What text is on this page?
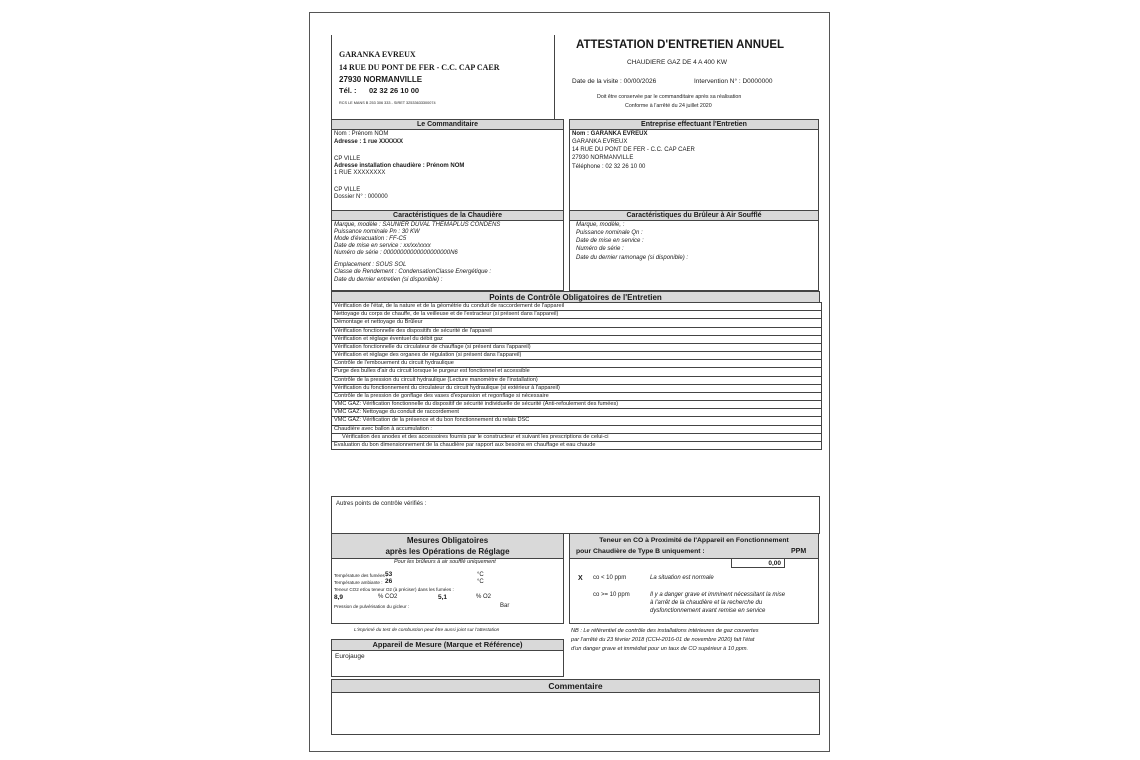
GARANKA EVREUX
14 RUE DU PONT DE FER - C.C. CAP CAER
27930 NORMANVILLE
Tél. : 02 32 26 10 00
RCS LE MANS B 253 306 333 - SIRET 32533633300074
ATTESTATION D'ENTRETIEN ANNUEL
CHAUDIERE GAZ DE 4 A 400 KW
Date de la visite : 00/00/2026	Intervention N° : D0000000
Doit être conservée par le commanditaire après sa réalisation
Conforme à l'arrêté du 24 juillet 2020
Le Commanditaire
Nom : Prénom NOM
Adresse : 1 rue XXXXXX
CP VILLE
Adresse installation chaudière : Prénom NOM
1 RUE XXXXXXXX
CP VILLE
Dossier N° : 000000
Entreprise effectuant l'Entretien
Nom : GARANKA EVREUX
GARANKA EVREUX
14 RUE DU PONT DE FER - C.C. CAP CAER
27930 NORMANVILLE
Téléphone : 02 32 26 10 00
Caractéristiques de la Chaudière
Marque, modèle : SAUNIER DUVAL THEMAPLUS CONDENS
Puissance nominale Pn : 30 KW
Mode d'évacuation : FF-C5
Date de mise en service : xx/xx/xxxx
Numéro de série : 00000000000000000000N6
Emplacement : SOUS SOL
Classe de Rendement : CondensationClasse Energétique :
Date du dernier entretien (si disponible) :
Caractéristiques du Brûleur à Air Soufflé
Marque, modèle, :
Puissance nominale Qn :
Date de mise en service :
Numéro de série :
Date du dernier ramonage (si disponible) :
Points de Contrôle Obligatoires de l'Entretien
Vérification de l'état, de la nature et de la géométrie du conduit de raccordement de l'appareil
Nettoyage du corps de chauffe, de la veilleuse et de l'extracteur (si présent dans l'appareil)
Démontage et nettoyage du Brûleur
Vérification fonctionnelle des dispositifs de sécurité de l'appareil
Vérification et réglage éventuel du débit gaz
Vérification fonctionnelle du circulateur de chauffage (si présent dans l'appareil)
Vérification et réglage des organes de régulation (si présent dans l'appareil)
Contrôle de l'embouement du circuit hydraulique
Purge des bulles d'air du circuit lorsque le purgeur est fonctionnel et accessible
Contrôle de la pression du circuit hydraulique (Lecture manomètre de l'installation)
Vérification du fonctionnement du circulateur du circuit hydraulique (si extérieur à l'appareil)
Contrôle de la pression de gonflage des vases d'expansion et regonflage si nécessaire
VMC GAZ: Vérification fonctionnelle du dispositif de sécurité individuelle de sécurité (Anti-refoulement des fumées)
VMC GAZ: Nettoyage du conduit de raccordement
VMC GAZ: Vérification de la présence et du bon fonctionnement du relais DSC
Chaudière avec ballon à accumulation :
Vérification des anodes et des accessoires fournis par le constructeur et suivant les prescriptions de celui-ci
Evaluation du bon dimensionnement de la chaudière par rapport aux besoins en chauffage et eau chaude
Autres points de contrôle vérifiés :
Mesures Obligatoires
après les Opérations de Réglage
Pour les brûleurs à air soufflé uniquement
Température des fumées :
53	°C
Température ambiante : 26	°C
Teneur CO2 et/ou teneur O2 (à préciser) dans les fumées :
8,9	% CO2	5,1	% O2
Pression de pulvérisation du gicleur :	Bar
L'imprimé du test de combustion peut être aussi joint sur l'attestation
Teneur en CO à Proximité de l'Appareil en Fonctionnement
pour Chaudière de Type B uniquement :	PPM
X co < 10 ppm	La situation est normale
co >= 10 ppm	Il y a danger grave et imminent nécessitant la mise
à l'arrêt de la chaudière et la recherche du
dysfonctionnement avant remise en service
0,00
NB : Le référentiel de contrôle des installations intérieures de gaz couvertes
par l'arrêté du 23 février 2018 (CCH-2016-01 de novembre 2020) fait l'état
d'un danger grave et immédiat pour un taux de CO supérieur à 10 ppm.
Appareil de Mesure (Marque et Référence)
Eurojauge
Commentaire
